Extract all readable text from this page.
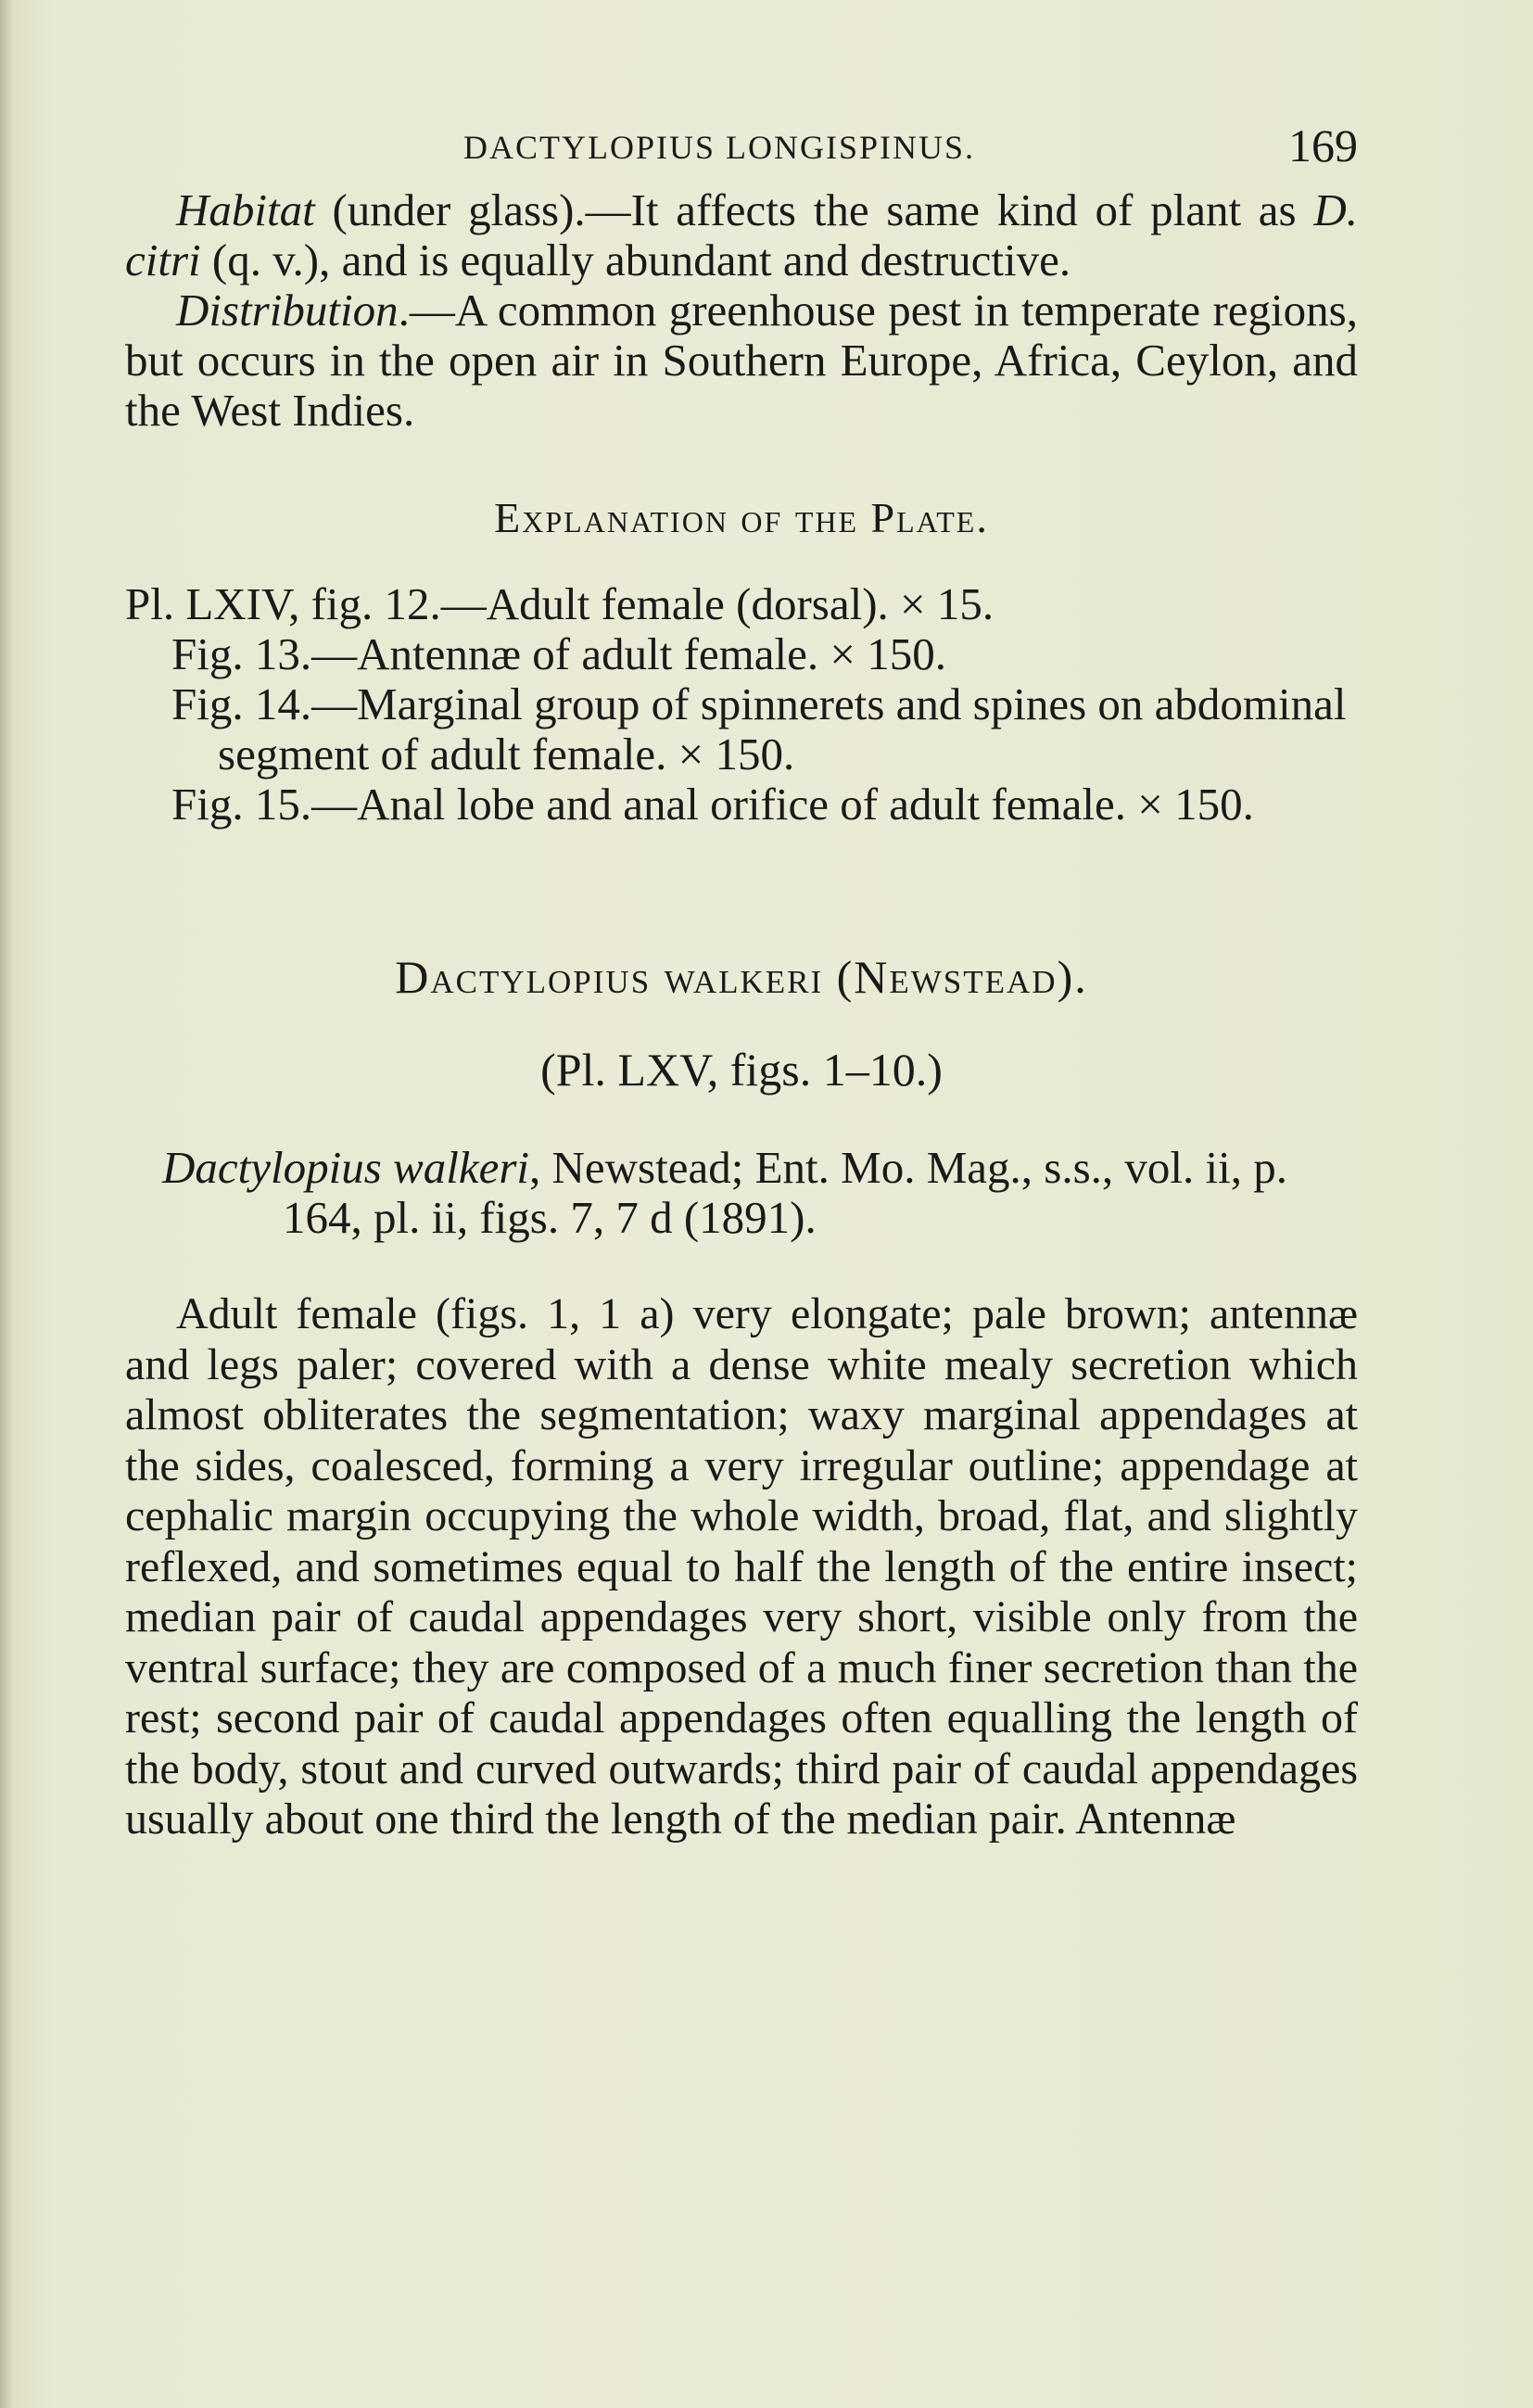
DACTYLOPIUS LONGISPINUS.	169

Habitat (under glass).—It affects the same kind of plant as D. citri (q. v.), and is equally abundant and destructive.

Distribution.—A common greenhouse pest in temperate regions, but occurs in the open air in Southern Europe, Africa, Ceylon, and the West Indies.

Explanation of the Plate.

Pl. LXIV, fig. 12.—Adult female (dorsal). × 15.

Fig. 13.—Antennæ of adult female. × 150.

Fig. 14.—Marginal group of spinnerets and spines on abdominal segment of adult female. × 150.

Fig. 15.—Anal lobe and anal orifice of adult female. × 150.

Dactylopius walkeri (Newstead).

(Pl. LXV, figs. 1–10.)

Dactylopius walkeri, Newstead; Ent. Mo. Mag., s.s., vol. ii, p. 164, pl. ii, figs. 7, 7 d (1891).

Adult female (figs. 1, 1 a) very elongate; pale brown; antennæ and legs paler; covered with a dense white mealy secretion which almost obliterates the segmentation; waxy marginal appendages at the sides, coalesced, forming a very irregular outline; appendage at cephalic margin occupying the whole width, broad, flat, and slightly reflexed, and sometimes equal to half the length of the entire insect; median pair of caudal appendages very short, visible only from the ventral surface; they are composed of a much finer secretion than the rest; second pair of caudal appendages often equalling the length of the body, stout and curved outwards; third pair of caudal appendages usually about one third the length of the median pair. Antennæ
